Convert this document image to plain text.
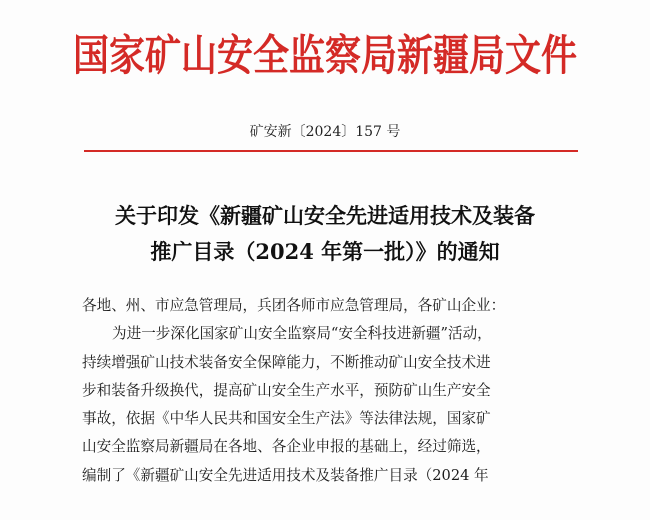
国家矿山安全监察局新疆局文件
矿安新〔2024〕157 号
关于印发《新疆矿山安全先进适用技术及装备
推广目录（2024 年第一批）》的通知

各地、州、市应急管理局，兵团各师市应急管理局，各矿山企业：

为进一步深化国家矿山安全监察局“安全科技进新疆”活动，

持续增强矿山技术装备安全保障能力，不断推动矿山安全技术进

步和装备升级换代，提高矿山安全生产水平，预防矿山生产安全

事故，依据《中华人民共和国安全生产法》等法律法规，国家矿

山安全监察局新疆局在各地、各企业申报的基础上，经过筛选，

编制了《新疆矿山安全先进适用技术及装备推广目录（2024 年
